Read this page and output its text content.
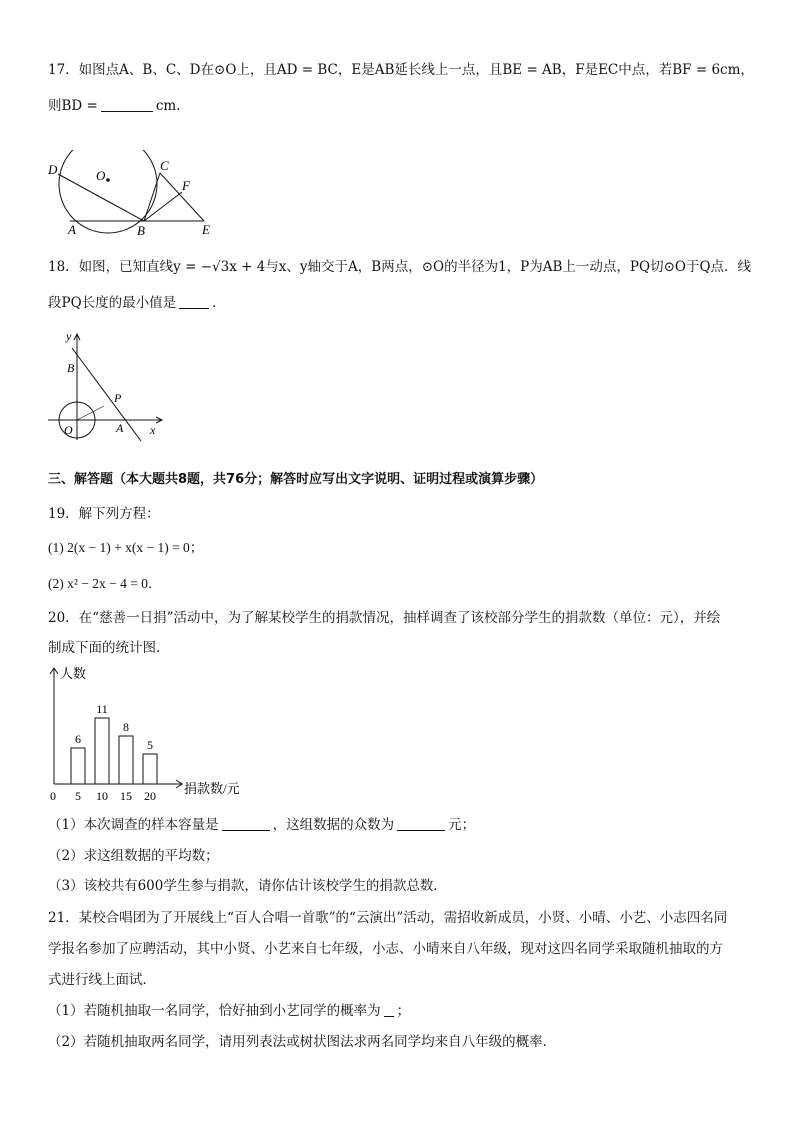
17．如图点A、B、C、D在⊙O上，且AD = BC，E是AB延长线上一点，且BE = AB，F是EC中点，若BF = 6cm，
则BD =	cm．
D	O
C
F
A	B	E
18．如图，已知直线y = −√3x + 4与x、y轴交于A，B两点，⊙O的半径为1，P为AB上一动点，PQ切⊙O于Q点．线
段PQ长度的最小值是	．
y
B
P
O	A x
三、解答题（本大题共8题，共76分；解答时应写出文字说明、证明过程或演算步骤）
19．解下列方程：
(1) 2(x − 1) + x(x − 1) = 0；
(2) x² − 2x − 4 = 0．
20．在“慈善一日捐”活动中，为了解某校学生的捐款情况，抽样调查了该校部分学生的捐款数（单位：元），并绘
制成下面的统计图．
人数
捐款数/元
0
6
5
11
10
8
15
5
20
（1）本次调查的样本容量是	，这组数据的众数为	元；
（2）求这组数据的平均数；
（3）该校共有600学生参与捐款，请你估计该校学生的捐款总数．
21．某校合唱团为了开展线上“百人合唱一首歌”的“云演出”活动，需招收新成员，小贤、小晴、小艺、小志四名同
学报名参加了应聘活动，其中小贤、小艺来自七年级，小志、小晴来自八年级，现对这四名同学采取随机抽取的方
式进行线上面试．
（1）若随机抽取一名同学，恰好抽到小艺同学的概率为 ；
（2）若随机抽取两名同学，请用列表法或树状图法求两名同学均来自八年级的概率．
